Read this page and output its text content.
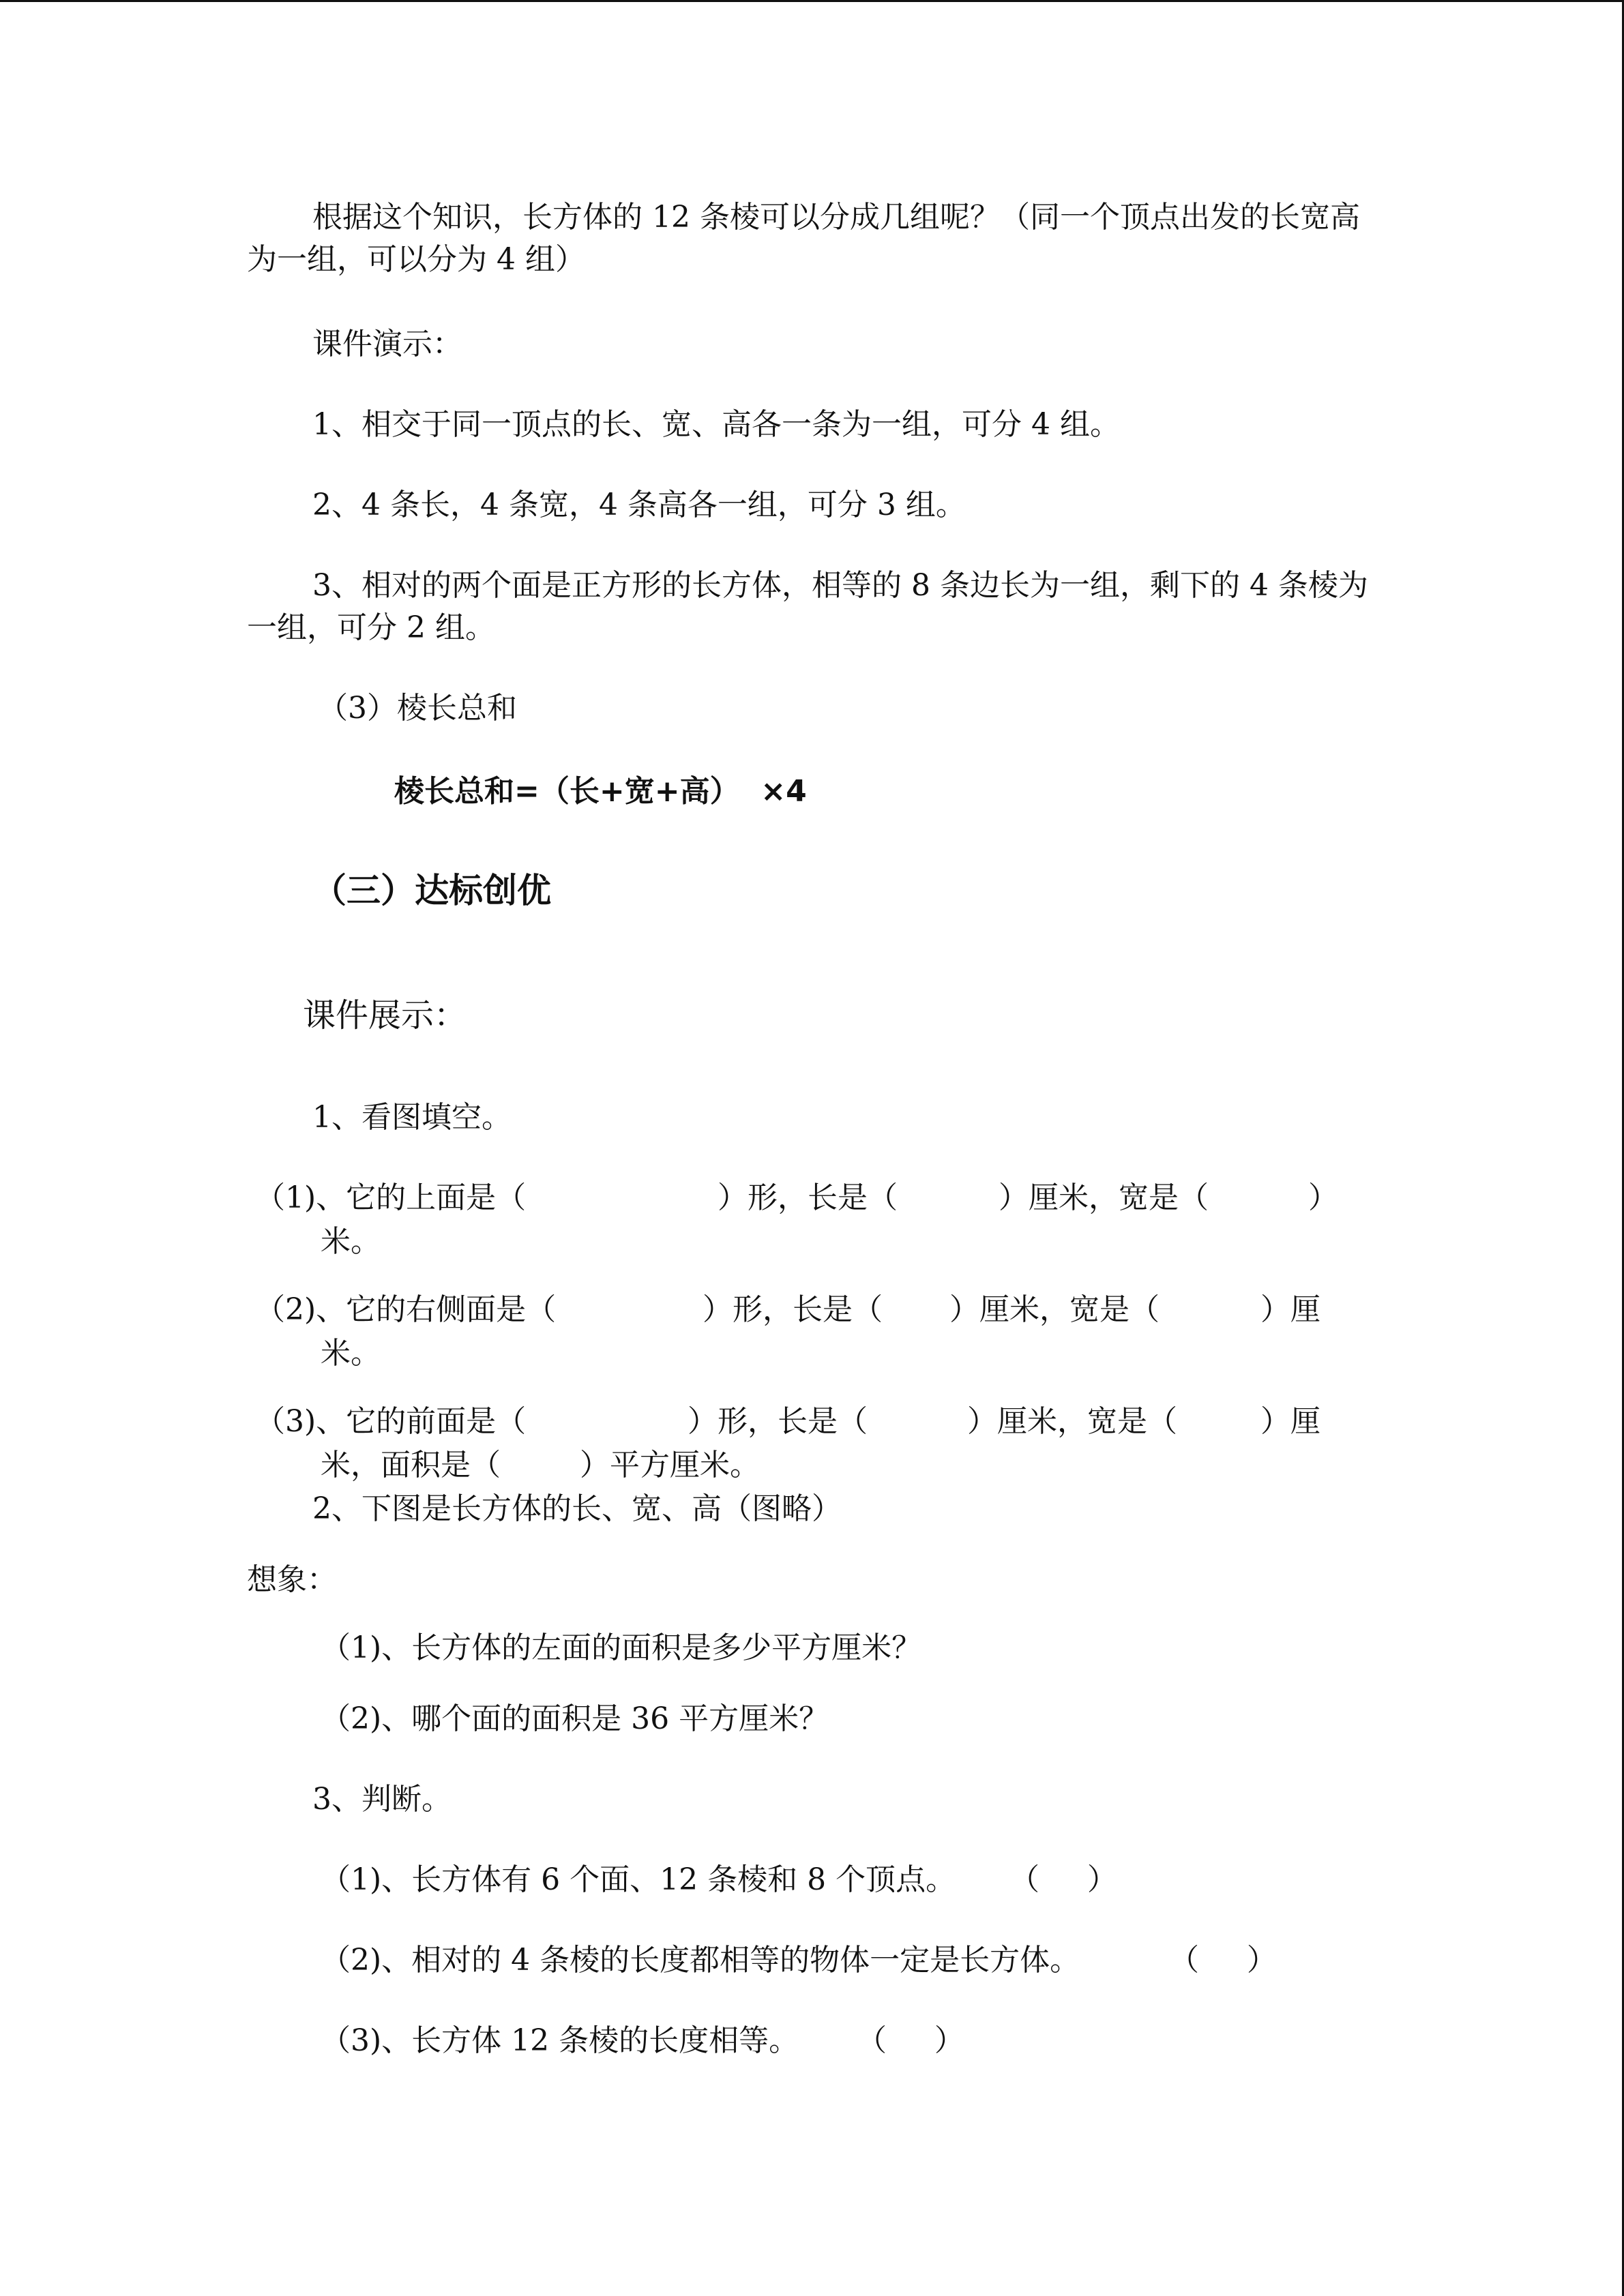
根据这个知识，长方体的 12 条棱可以分成几组呢？（同一个顶点出发的长宽高为一组，可以分为 4 组）
课件演示：
1、相交于同一顶点的长、宽、高各一条为一组，可分 4 组。
2、4 条长，4 条宽，4 条高各一组，可分 3 组。
3、相对的两个面是正方形的长方体，相等的 8 条边长为一组，剩下的 4 条棱为一组，可分 2 组。
（3）棱长总和
棱长总和=（长+宽+高）  ×4
（三）达标创优
课件展示：
1、看图填空。
（1)、它的上面是（	）形，长是（	）厘米，宽是（	）
米。
（2)、它的右侧面是（	）形，长是（ ）厘米，宽是（	）厘
米。
（3)、它的前面是（	）形，长是（	）厘米，宽是（	）厘
米，面积是（	）平方厘米。
2、下图是长方体的长、宽、高（图略）
想象：
（1)、长方体的左面的面积是多少平方厘米？
（2)、哪个面的面积是 36 平方厘米？
3、判断。
（1)、长方体有 6 个面、12 条棱和 8 个顶点。 （     ）
（2)、相对的 4 条棱的长度都相等的物体一定是长方体。	（     ）
（3)、长方体 12 条棱的长度相等。 （     ）
